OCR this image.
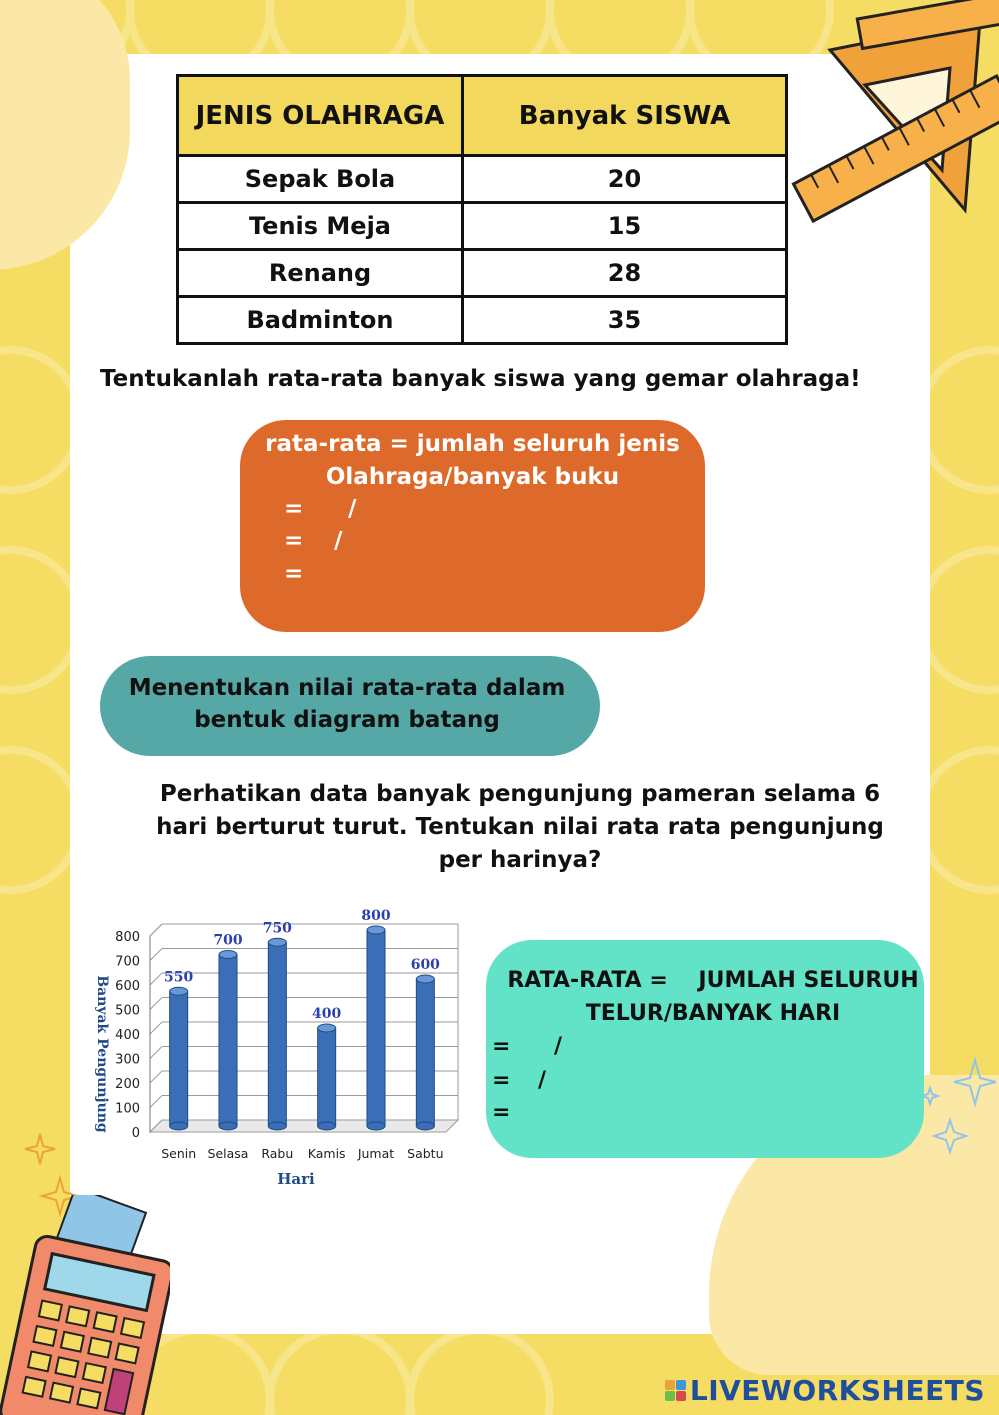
JENIS OLAHRAGA	Banyak SISWA
Sepak Bola	20
Tenis Meja	15
Renang	28
Badminton	35
Tentukanlah rata-rata banyak siswa yang gemar olahraga!
rata-rata = jumlah seluruh jenis
Olahraga/banyak buku
= /
= /
=
Menentukan nilai rata-rata dalam
bentuk diagram batang
Perhatikan data banyak pengunjung pameran selama 6
hari berturut turut. Tentukan nilai rata rata pengunjung
per harinya?
0
100
200
300
400
500
600
700
800
550
Senin
700
Selasa
750
Rabu
400
Kamis
800
Jumat
600
Sabtu
Hari
Banyak Pengunjung	RATA-RATA =    JUMLAH SELURUH
TELUR/BANYAK HARI
= /
= /
=
LIVEWORKSHEETS
